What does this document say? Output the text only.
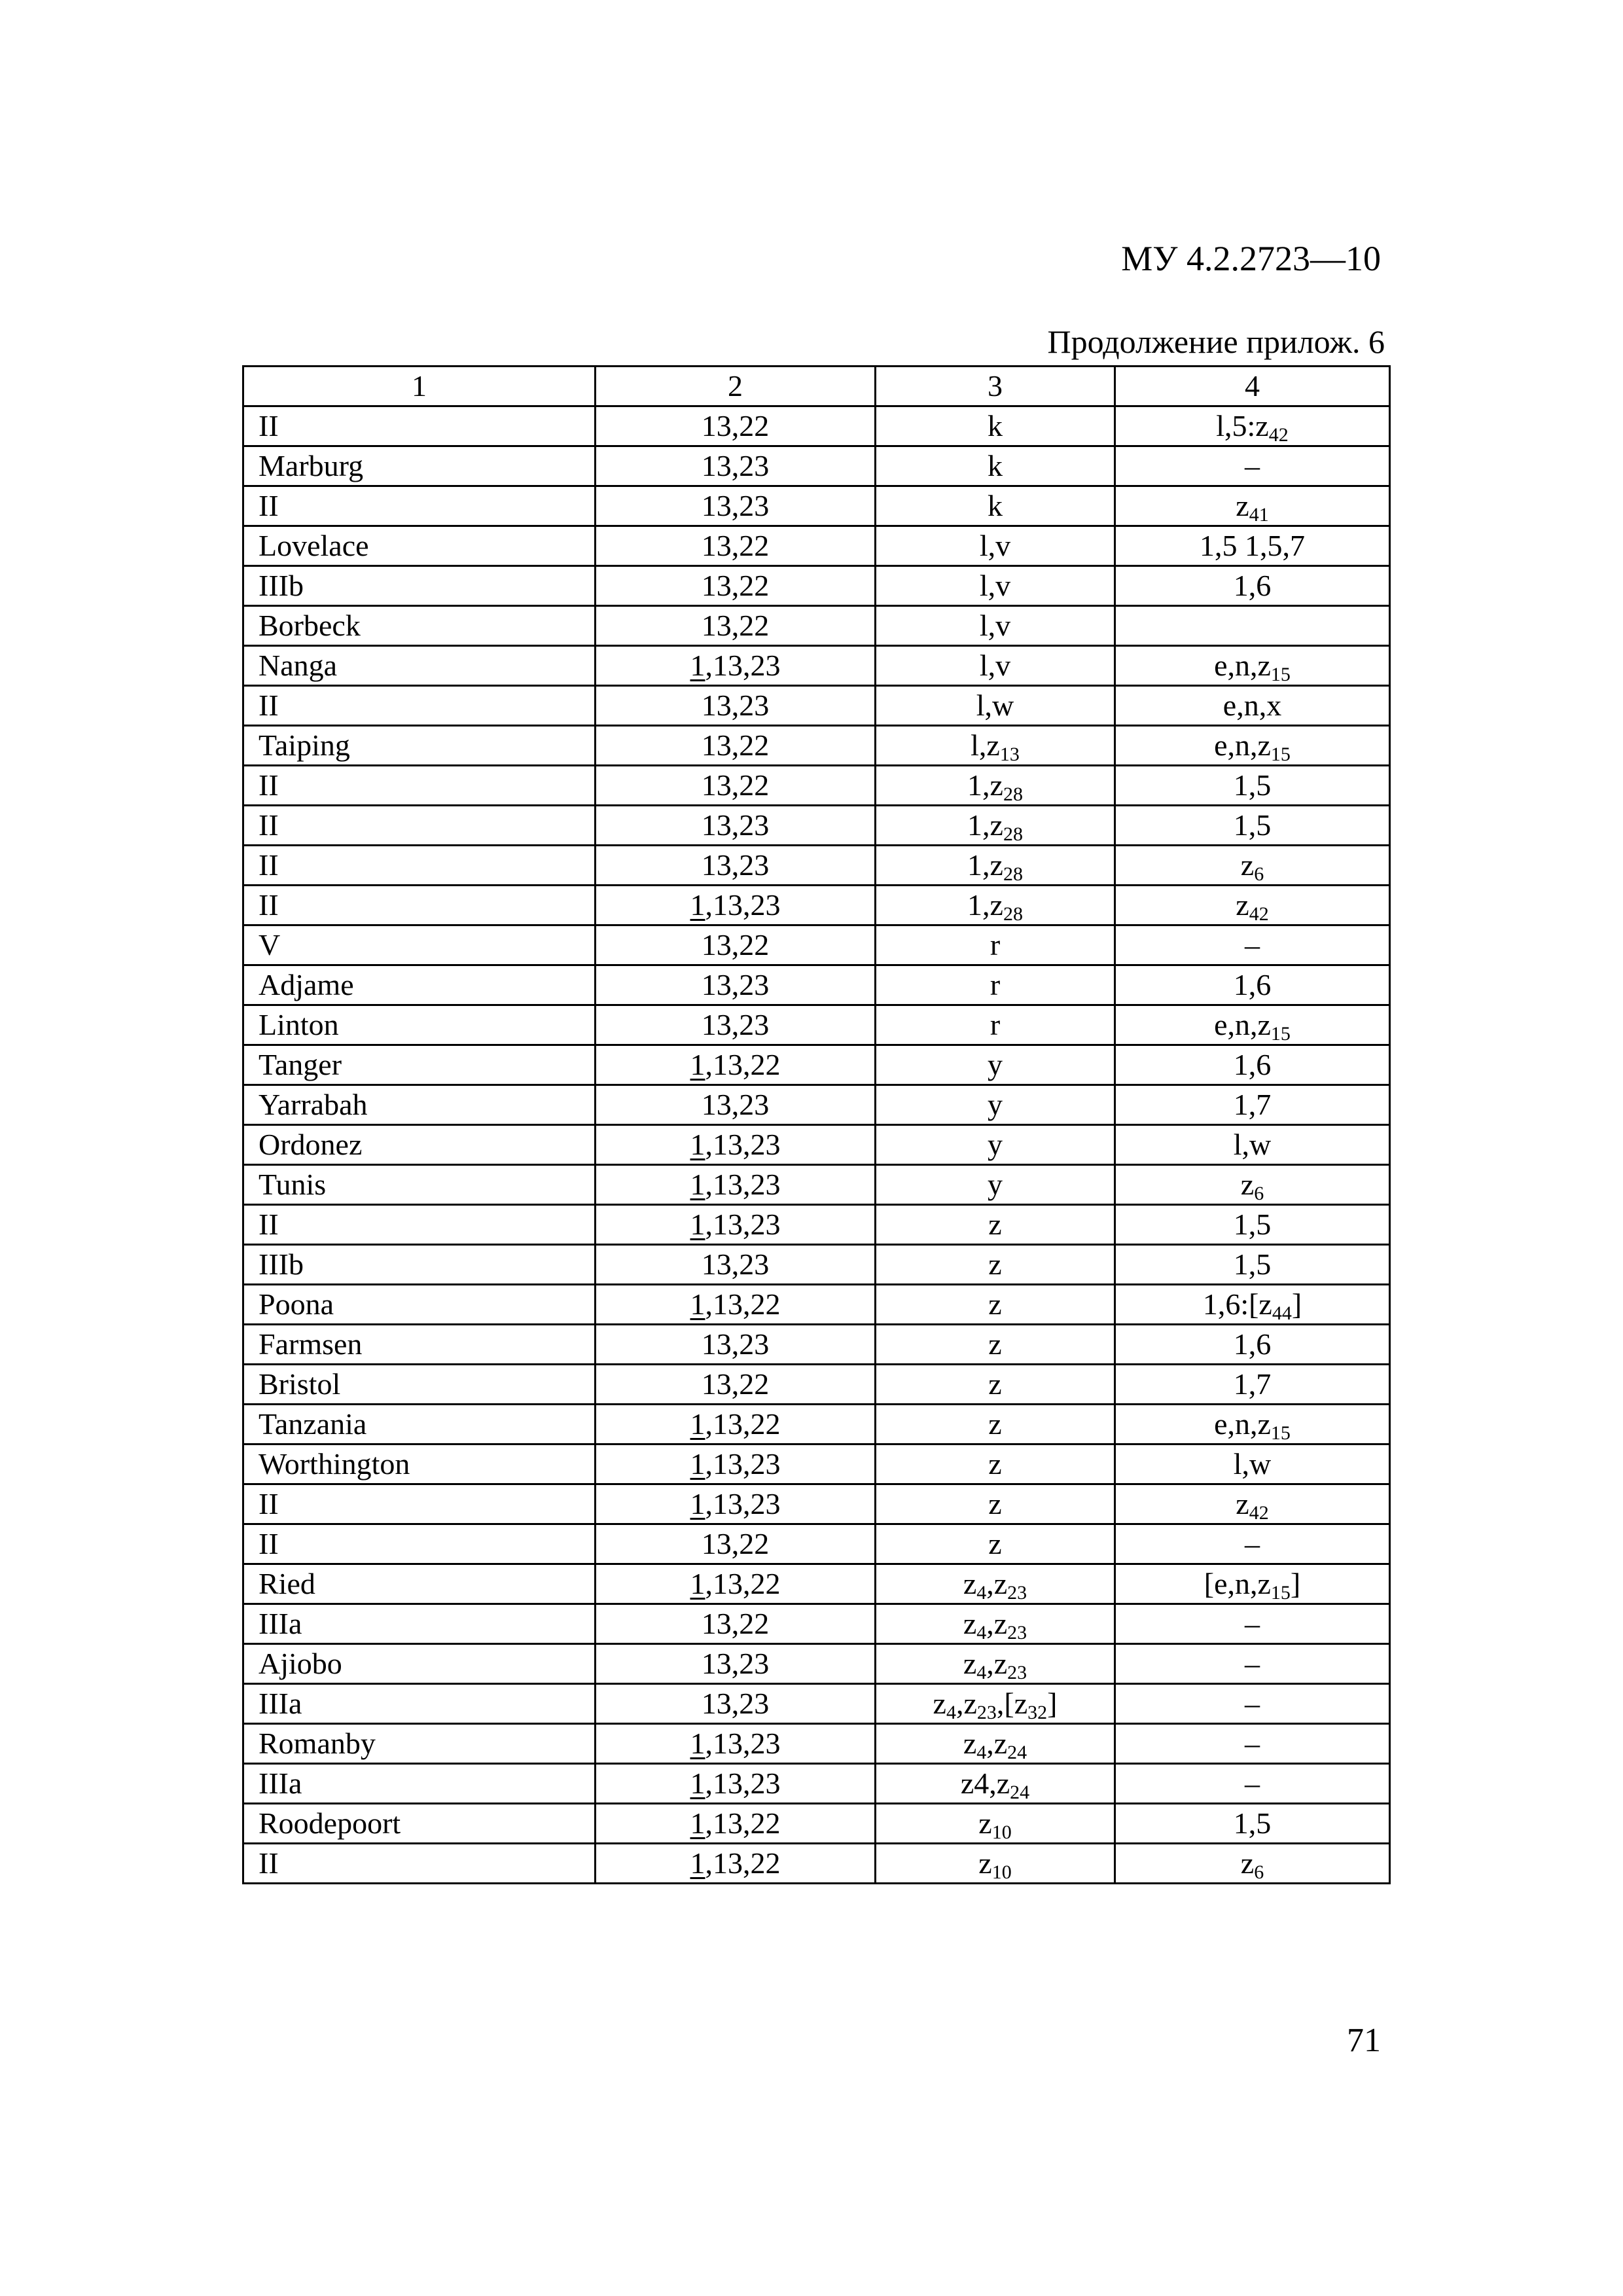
МУ 4.2.2723—10
Продолжение прилож. 6
1	2	3	4
II	13,22	k	$l,5:z_{42}$
Marburg	13,23	k	–
II	13,23	k	$z_{41}$
Lovelace	13,22	l,v	1,5 1,5,7
IIIb	13,22	l,v	1,6
Borbeck	13,22	l,v	
Nanga	1,13,23	l,v	$e,n,z_{15}$
II	13,23	l,w	e,n,x
Taiping	13,22	$l,z_{13}$	$e,n,z_{15}$
II	13,22	$1,z_{28}$	1,5
II	13,23	$1,z_{28}$	1,5
II	13,23	$1,z_{28}$	$z_6$
II	1,13,23	$1,z_{28}$	$z_{42}$
V	13,22	r	–
Adjame	13,23	r	1,6
Linton	13,23	r	$e,n,z_{15}$
Tanger	1,13,22	y	1,6
Yarrabah	13,23	y	1,7
Ordonez	1,13,23	y	l,w
Tunis	1,13,23	y	$z_6$
II	1,13,23	z	1,5
IIIb	13,23	z	1,5
Poona	1,13,22	z	$1,6:[z_{44}]$
Farmsen	13,23	z	1,6
Bristol	13,22	z	1,7
Tanzania	1,13,22	z	$e,n,z_{15}$
Worthington	1,13,23	z	l,w
II	1,13,23	z	$z_{42}$
II	13,22	z	–
Ried	1,13,22	$z_4,z_{23}$	$[e,n,z_{15}]$
IIIa	13,22	$z_4,z_{23}$	–
Ajiobo	13,23	$z_4,z_{23}$	–
IIIa	13,23	$z_4,z_{23},[z_{32}]$	–
Romanby	1,13,23	$z_4,z_{24}$	–
IIIa	1,13,23	$z4,z_{24}$	–
Roodepoort	1,13,22	$z_{10}$	1,5
II	1,13,22	$z_{10}$	$z_6$
71
